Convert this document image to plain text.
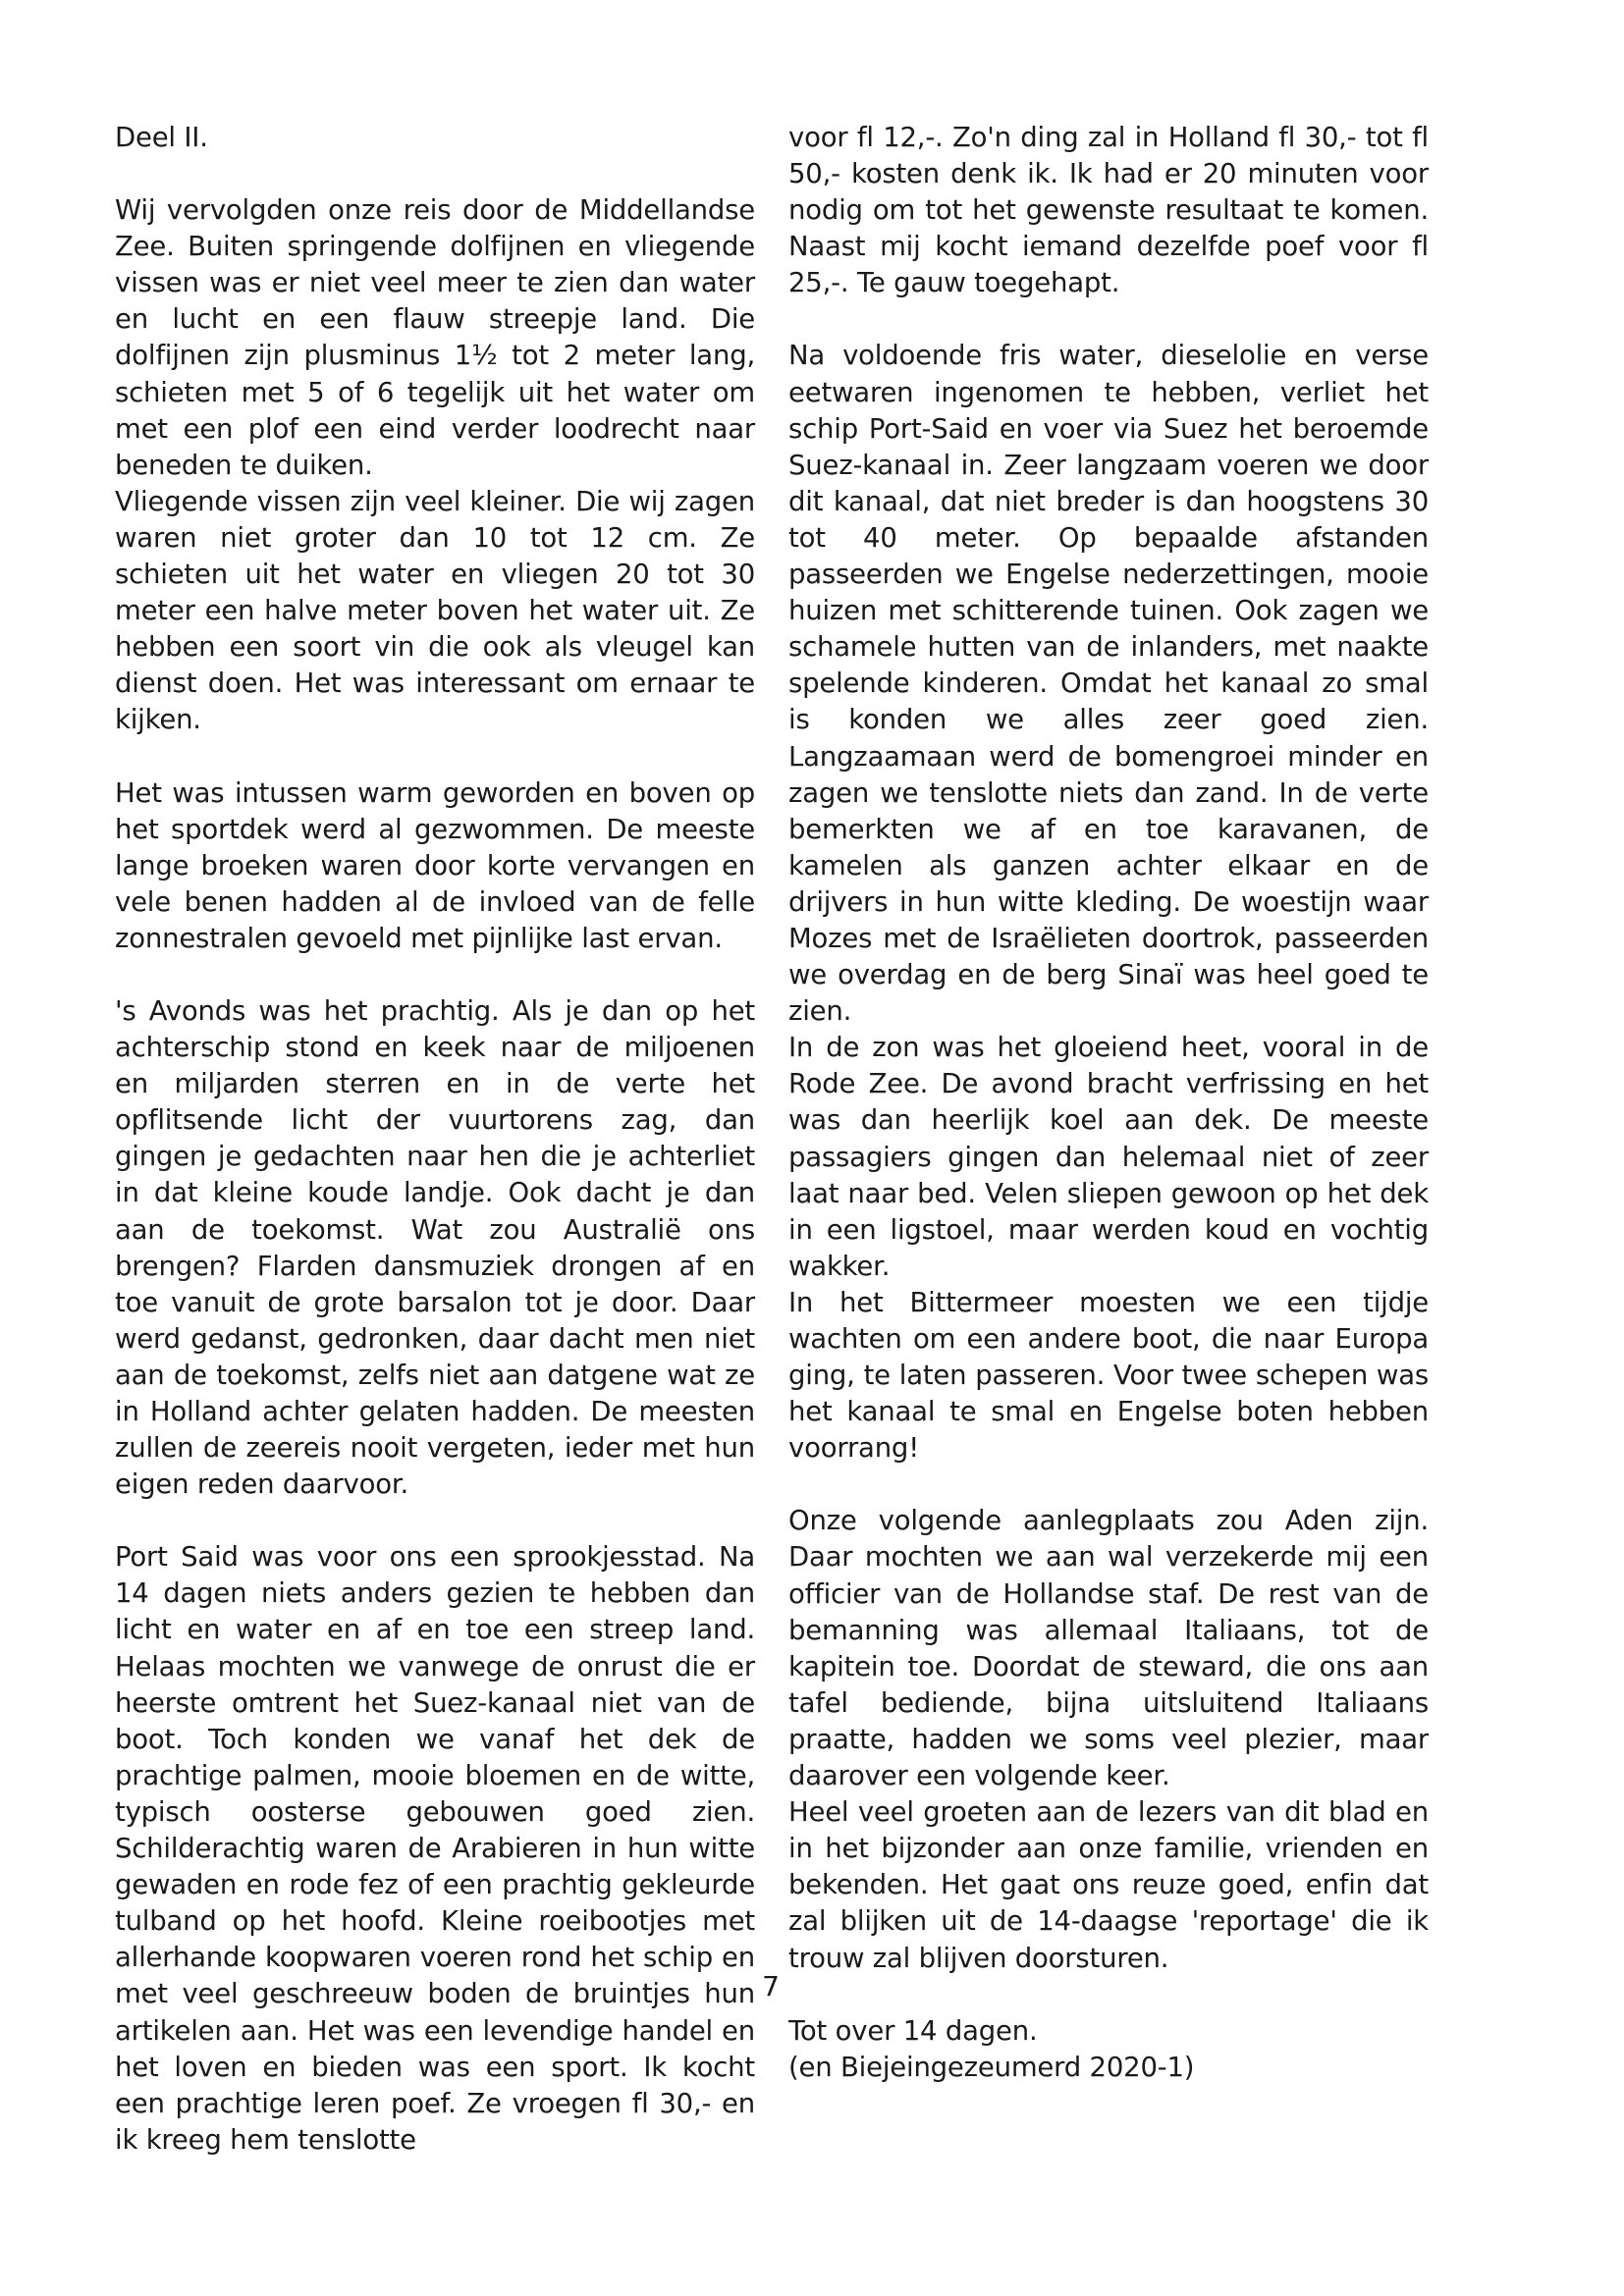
Deel II.

Wij vervolgden onze reis door de Middellandse Zee. Buiten springende dolfijnen en vliegende vissen was er niet veel meer te zien dan water en lucht en een flauw streepje land. Die dolfijnen zijn plusminus 1½ tot 2 meter lang, schieten met 5 of 6 tegelijk uit het water om met een plof een eind verder loodrecht naar beneden te duiken.

Vliegende vissen zijn veel kleiner. Die wij zagen waren niet groter dan 10 tot 12 cm. Ze schieten uit het water en vliegen 20 tot 30 meter een halve meter boven het water uit. Ze hebben een soort vin die ook als vleugel kan dienst doen. Het was interessant om ernaar te kijken.

Het was intussen warm geworden en boven op het sportdek werd al gezwommen. De meeste lange broeken waren door korte vervangen en vele benen hadden al de invloed van de felle zonnestralen gevoeld met pijnlijke last ervan.

's Avonds was het prachtig. Als je dan op het achterschip stond en keek naar de miljoenen en miljarden sterren en in de verte het opflitsende licht der vuurtorens zag, dan gingen je gedachten naar hen die je achterliet in dat kleine koude landje. Ook dacht je dan aan de toekomst. Wat zou Australië ons brengen? Flarden dansmuziek drongen af en toe vanuit de grote barsalon tot je door. Daar werd gedanst, gedronken, daar dacht men niet aan de toekomst, zelfs niet aan datgene wat ze in Holland achter gelaten hadden. De meesten zullen de zeereis nooit vergeten, ieder met hun eigen reden daarvoor.

Port Said was voor ons een sprookjesstad. Na 14 dagen niets anders gezien te hebben dan licht en water en af en toe een streep land. Helaas mochten we vanwege de onrust die er heerste omtrent het Suez-kanaal niet van de boot. Toch konden we vanaf het dek de prachtige palmen, mooie bloemen en de witte, typisch oosterse gebouwen goed zien. Schilderachtig waren de Arabieren in hun witte gewaden en rode fez of een prachtig gekleurde tulband op het hoofd. Kleine roeibootjes met allerhande koopwaren voeren rond het schip en met veel geschreeuw boden de bruintjes hun artikelen aan. Het was een levendige handel en het loven en bieden was een sport. Ik kocht een prachtige leren poef. Ze vroegen fl 30,- en ik kreeg hem tenslotte

voor fl 12,-. Zo'n ding zal in Holland fl 30,- tot fl 50,- kosten denk ik. Ik had er 20 minuten voor nodig om tot het gewenste resultaat te komen. Naast mij kocht iemand dezelfde poef voor fl 25,-. Te gauw toegehapt.

Na voldoende fris water, dieselolie en verse eetwaren ingenomen te hebben, verliet het schip Port-Said en voer via Suez het beroemde Suez-kanaal in. Zeer langzaam voeren we door dit kanaal, dat niet breder is dan hoogstens 30 tot 40 meter. Op bepaalde afstanden passeerden we Engelse nederzettingen, mooie huizen met schitterende tuinen. Ook zagen we schamele hutten van de inlanders, met naakte spelende kinderen. Omdat het kanaal zo smal is konden we alles zeer goed zien. Langzaamaan werd de bomengroei minder en zagen we tenslotte niets dan zand. In de verte bemerkten we af en toe karavanen, de kamelen als ganzen achter elkaar en de drijvers in hun witte kleding. De woestijn waar Mozes met de Israëlieten doortrok, passeerden we overdag en de berg Sinaï was heel goed te zien.

In de zon was het gloeiend heet, vooral in de Rode Zee. De avond bracht verfrissing en het was dan heerlijk koel aan dek. De meeste passagiers gingen dan helemaal niet of zeer laat naar bed. Velen sliepen gewoon op het dek in een ligstoel, maar werden koud en vochtig wakker.

In het Bittermeer moesten we een tijdje wachten om een andere boot, die naar Europa ging, te laten passeren. Voor twee schepen was het kanaal te smal en Engelse boten hebben voorrang!

Onze volgende aanlegplaats zou Aden zijn. Daar mochten we aan wal verzekerde mij een officier van de Hollandse staf. De rest van de bemanning was allemaal Italiaans, tot de kapitein toe. Doordat de steward, die ons aan tafel bediende, bijna uitsluitend Italiaans praatte, hadden we soms veel plezier, maar daarover een volgende keer.

Heel veel groeten aan de lezers van dit blad en in het bijzonder aan onze familie, vrienden en bekenden. Het gaat ons reuze goed, enfin dat zal blijken uit de 14-daagse 'reportage' die ik trouw zal blijven doorsturen.

Tot over 14 dagen.

(en Biejeingezeumerd 2020-1)

7
